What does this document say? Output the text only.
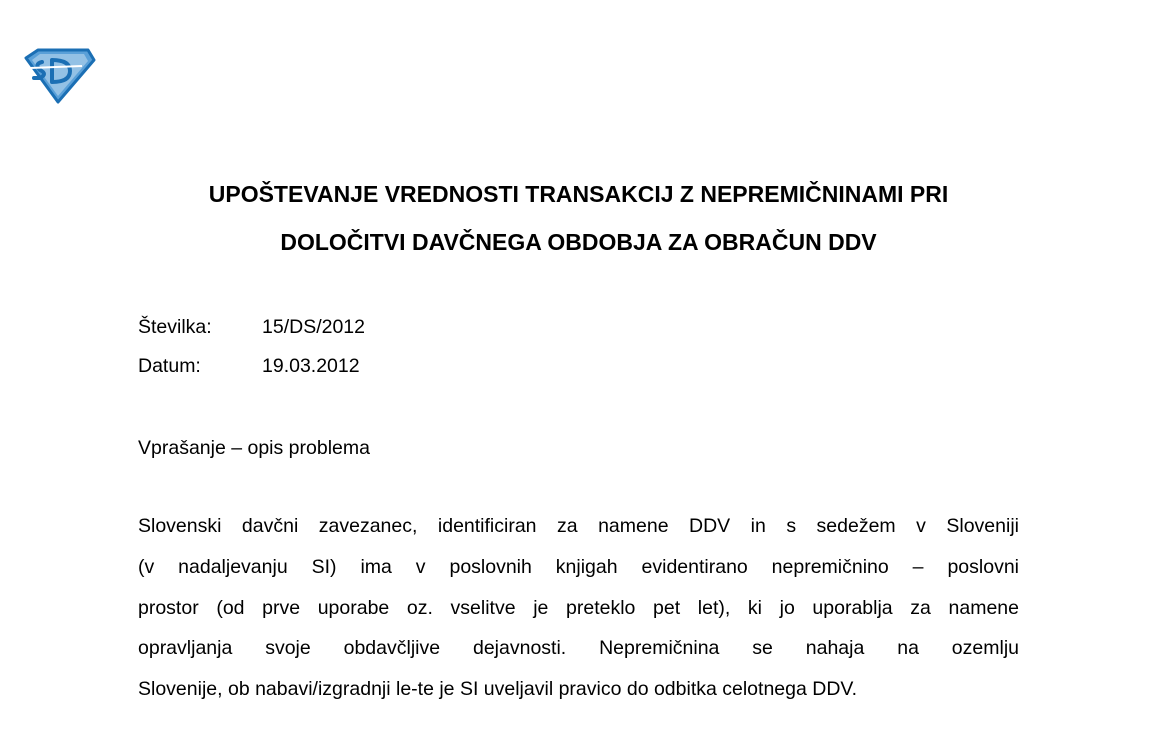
UPOŠTEVANJE VREDNOSTI TRANSAKCIJ Z NEPREMIČNINAMI PRI
DOLOČITVI DAVČNEGA OBDOBJA ZA OBRAČUN DDV
Številka:	15/DS/2012
Datum:	19.03.2012
Vprašanje – opis problema
Slovenski davčni zavezanec, identificiran za namene DDV in s sedežem v Sloveniji
(v nadaljevanju SI) ima v poslovnih knjigah evidentirano nepremičnino – poslovni
prostor (od prve uporabe oz. vselitve je preteklo pet let), ki jo uporablja za namene
opravljanja svoje obdavčljive dejavnosti. Nepremičnina se nahaja na ozemlju
Slovenije, ob nabavi/izgradnji le-te je SI uveljavil pravico do odbitka celotnega DDV.
